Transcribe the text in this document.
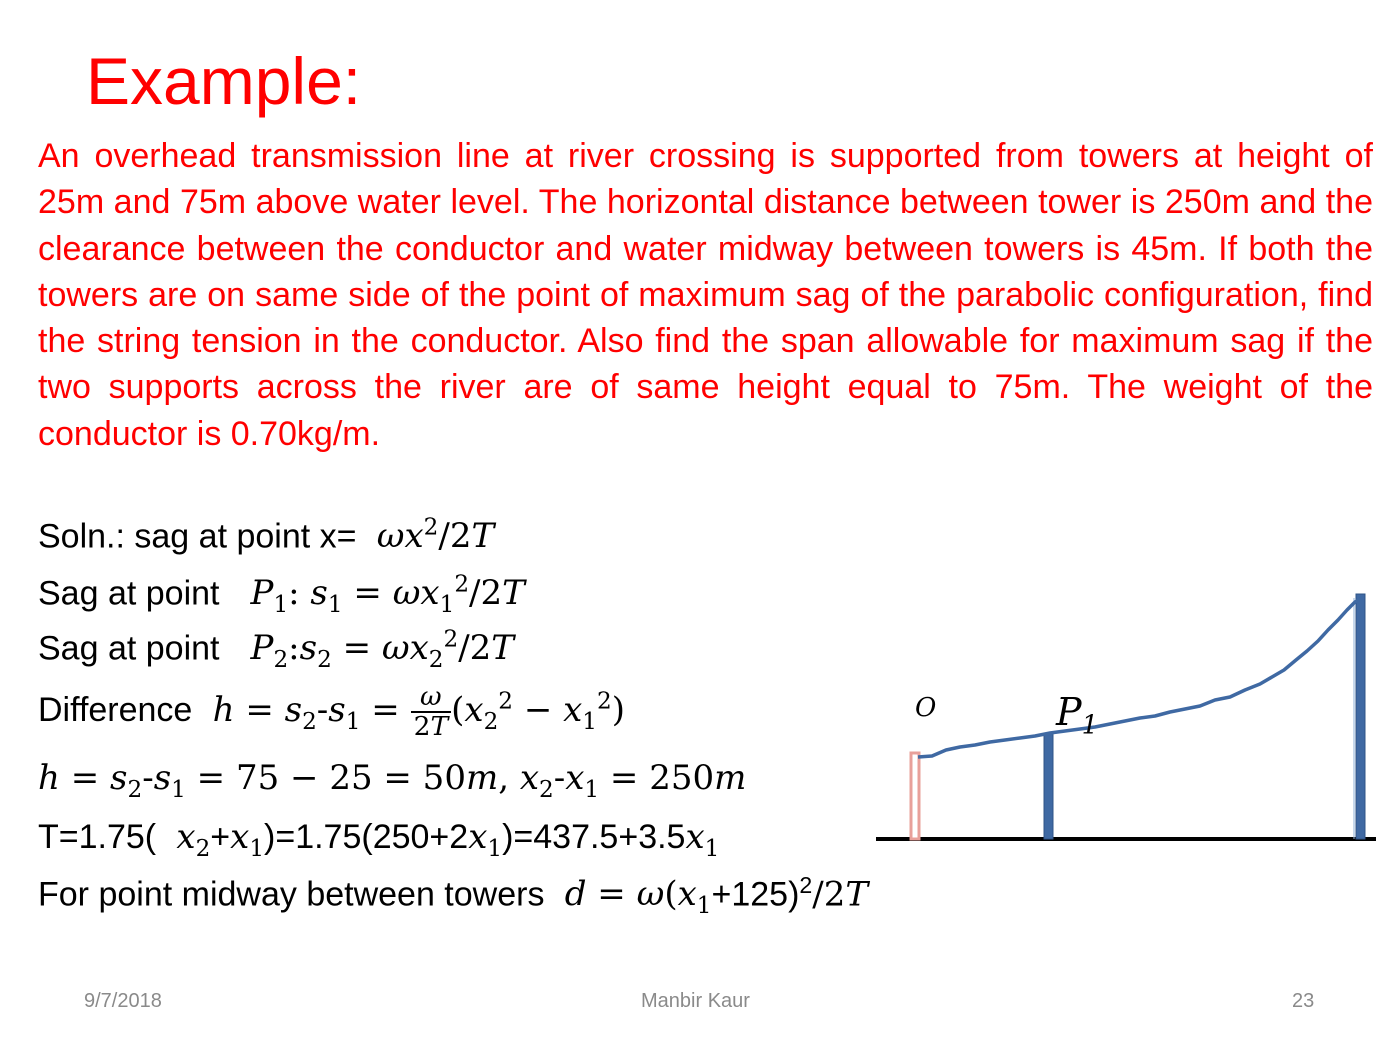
Example:

An overhead transmission line at river crossing is supported from towers at height of 25m and 75m above water level. The horizontal distance between tower is 250m and the clearance between the conductor and water midway between towers is 45m. If both the towers are on same side of the point of maximum sag of the parabolic configuration, find the string tension in the conductor. Also find the span allowable for maximum sag if the two supports across the river are of same height equal to 75m. The weight of the conductor is 0.70kg/m.

Soln.: sag at point $x= \omega x^2/2T$
Sag at point   $P_1$: $s_1 = \omega x_1^2/2T$
Sag at point   $P_2:s_2 = \omega x_2^2/2T$
Difference  $h = s_2-s_1 = \frac{\omega}{2T} (x_2^2 - x_1^2)$
$h = s_2-s_1 = 75 - 25 = 50m$, $x_2-x_1 = 250m$
T=1.75(  $x_2+x_1)=1.75(250+2x_1)=437.5+3.5x_1$
For point midway between towers  $d = \omega(x_1+125)^2/2T$
O	$P_1$
9/7/2018	Manbir Kaur	23
